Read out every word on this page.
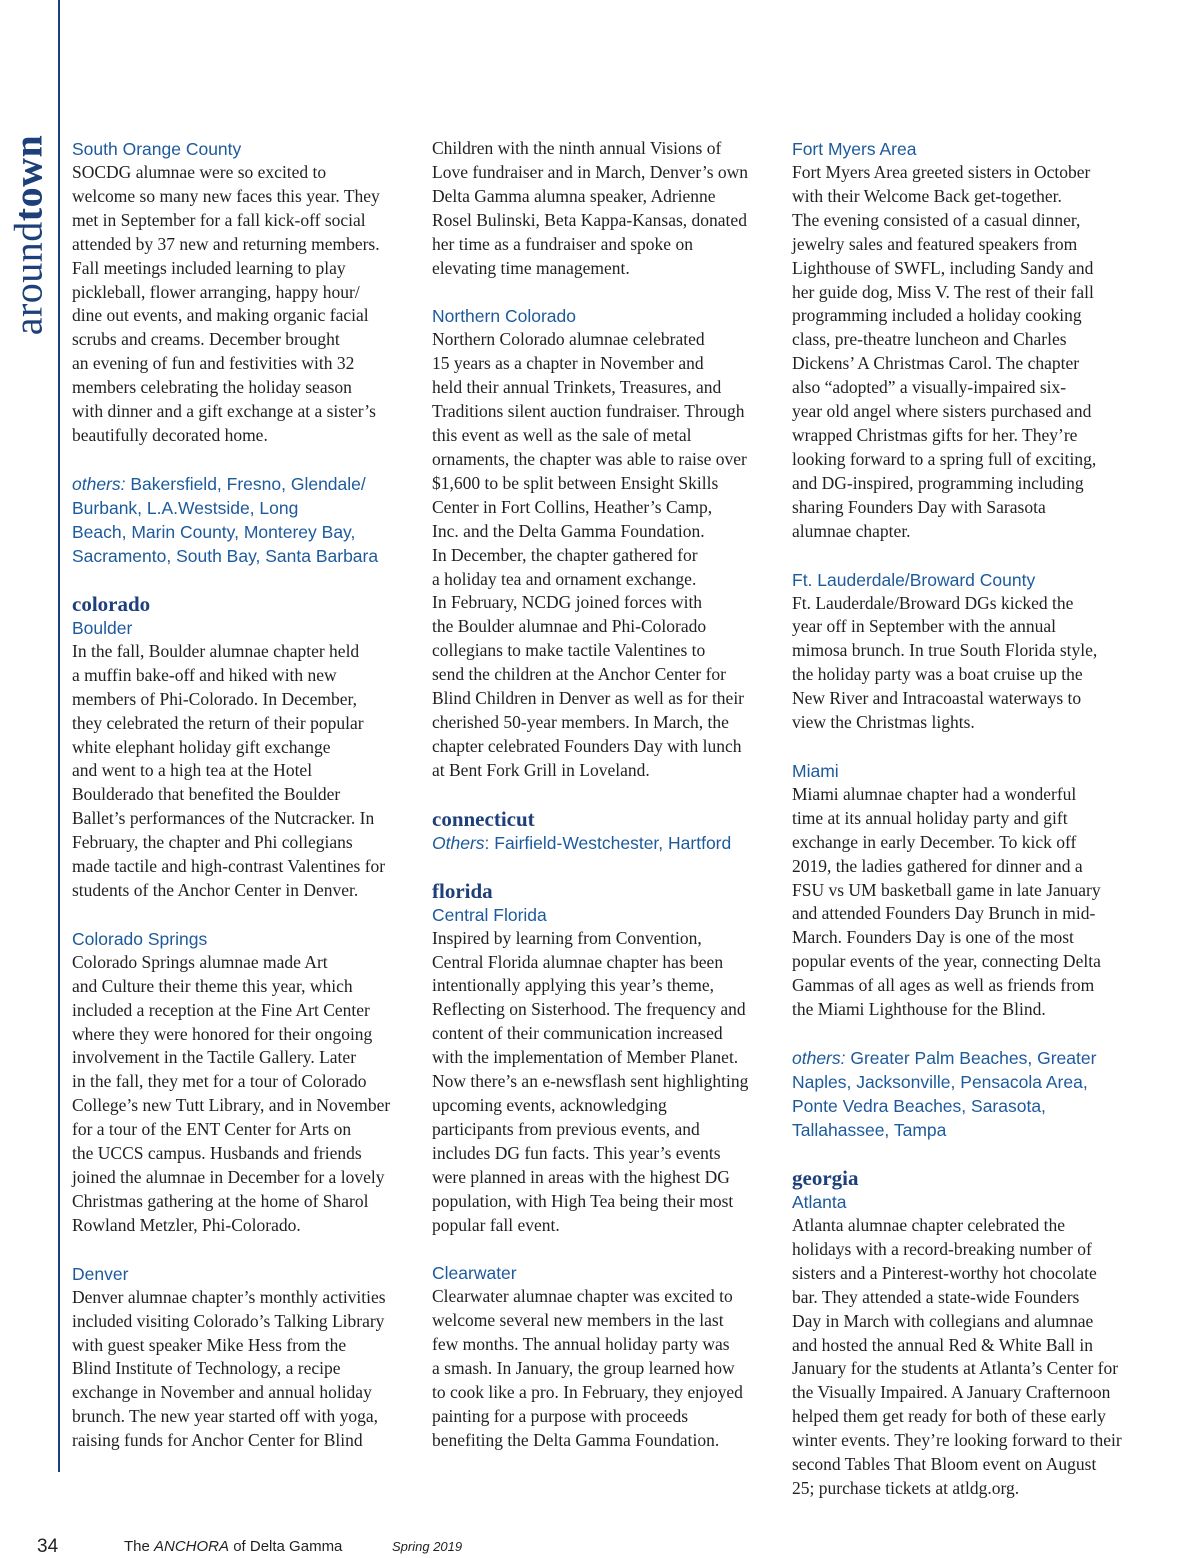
aroundtown South Orange County

SOCDG alumnae were so excited to
welcome so many new faces this year. They
met in September for a fall kick-off social
attended by 37 new and returning members.
Fall meetings included learning to play
pickleball, flower arranging, happy hour/
dine out events, and making organic facial
scrubs and creams. December brought
an evening of fun and festivities with 32
members celebrating the holiday season
with dinner and a gift exchange at a sister’s
beautifully decorated home.
others: Bakersfield, Fresno, Glendale/
Burbank, L.A.Westside, Long
Beach, Marin County, Monterey Bay,
Sacramento, South Bay, Santa Barbara

colorado

Boulder

In the fall, Boulder alumnae chapter held
a muffin bake-off and hiked with new
members of Phi-Colorado. In December,
they celebrated the return of their popular
white elephant holiday gift exchange
and went to a high tea at the Hotel
Boulderado that benefited the Boulder
Ballet’s performances of the Nutcracker. In
February, the chapter and Phi collegians
made tactile and high-contrast Valentines for
students of the Anchor Center in Denver.

Colorado Springs

Colorado Springs alumnae made Art
and Culture their theme this year, which
included a reception at the Fine Art Center
where they were honored for their ongoing
involvement in the Tactile Gallery. Later
in the fall, they met for a tour of Colorado
College’s new Tutt Library, and in November
for a tour of the ENT Center for Arts on
the UCCS campus. Husbands and friends
joined the alumnae in December for a lovely
Christmas gathering at the home of Sharol
Rowland Metzler, Phi-Colorado.

Denver

Denver alumnae chapter’s monthly activities
included visiting Colorado’s Talking Library
with guest speaker Mike Hess from the
Blind Institute of Technology, a recipe
exchange in November and annual holiday
brunch. The new year started off with yoga,
raising funds for Anchor Center for Blind
Children with the ninth annual Visions of
Love fundraiser and in March, Denver’s own
Delta Gamma alumna speaker, Adrienne
Rosel Bulinski, Beta Kappa-Kansas, donated
her time as a fundraiser and spoke on
elevating time management.

Northern Colorado

Northern Colorado alumnae celebrated
15 years as a chapter in November and
held their annual Trinkets, Treasures, and
Traditions silent auction fundraiser. Through
this event as well as the sale of metal
ornaments, the chapter was able to raise over
$1,600 to be split between Ensight Skills
Center in Fort Collins, Heather’s Camp,
Inc. and the Delta Gamma Foundation.
In December, the chapter gathered for
a holiday tea and ornament exchange.
In February, NCDG joined forces with
the Boulder alumnae and Phi-Colorado
collegians to make tactile Valentines to
send the children at the Anchor Center for
Blind Children in Denver as well as for their
cherished 50-year members. In March, the
chapter celebrated Founders Day with lunch
at Bent Fork Grill in Loveland.

connecticut

Others: Fairfield-Westchester, Hartford

florida

Central Florida

Inspired by learning from Convention,
Central Florida alumnae chapter has been
intentionally applying this year’s theme,
Reflecting on Sisterhood. The frequency and
content of their communication increased
with the implementation of Member Planet.
Now there’s an e-newsflash sent highlighting
upcoming events, acknowledging
participants from previous events, and
includes DG fun facts. This year’s events
were planned in areas with the highest DG
population, with High Tea being their most
popular fall event.

Clearwater

Clearwater alumnae chapter was excited to
welcome several new members in the last
few months. The annual holiday party was
a smash. In January, the group learned how
to cook like a pro. In February, they enjoyed
painting for a purpose with proceeds
benefiting the Delta Gamma Foundation.

Fort Myers Area

Fort Myers Area greeted sisters in October
with their Welcome Back get-together.
The evening consisted of a casual dinner,
jewelry sales and featured speakers from
Lighthouse of SWFL, including Sandy and
her guide dog, Miss V. The rest of their fall
programming included a holiday cooking
class, pre-theatre luncheon and Charles
Dickens’ A Christmas Carol. The chapter
also “adopted” a visually-impaired six-
year old angel where sisters purchased and
wrapped Christmas gifts for her. They’re
looking forward to a spring full of exciting,
and DG-inspired, programming including
sharing Founders Day with Sarasota
alumnae chapter.

Ft. Lauderdale/Broward County

Ft. Lauderdale/Broward DGs kicked the
year off in September with the annual
mimosa brunch. In true South Florida style,
the holiday party was a boat cruise up the
New River and Intracoastal waterways to
view the Christmas lights.

Miami

Miami alumnae chapter had a wonderful
time at its annual holiday party and gift
exchange in early December. To kick off
2019, the ladies gathered for dinner and a
FSU vs UM basketball game in late January
and attended Founders Day Brunch in mid-
March. Founders Day is one of the most
popular events of the year, connecting Delta
Gammas of all ages as well as friends from
the Miami Lighthouse for the Blind.
others: Greater Palm Beaches, Greater
Naples, Jacksonville, Pensacola Area,
Ponte Vedra Beaches, Sarasota,
Tallahassee, Tampa

georgia

Atlanta

Atlanta alumnae chapter celebrated the
holidays with a record-breaking number of
sisters and a Pinterest-worthy hot chocolate
bar. They attended a state-wide Founders
Day in March with collegians and alumnae
and hosted the annual Red & White Ball in
January for the students at Atlanta’s Center for
the Visually Impaired. A January Crafternoon
helped them get ready for both of these early
winter events. They’re looking forward to their
second Tables That Bloom event on August
25; purchase tickets at atldg.org.
34	The ANCHORA of Delta Gamma	Spring 2019
